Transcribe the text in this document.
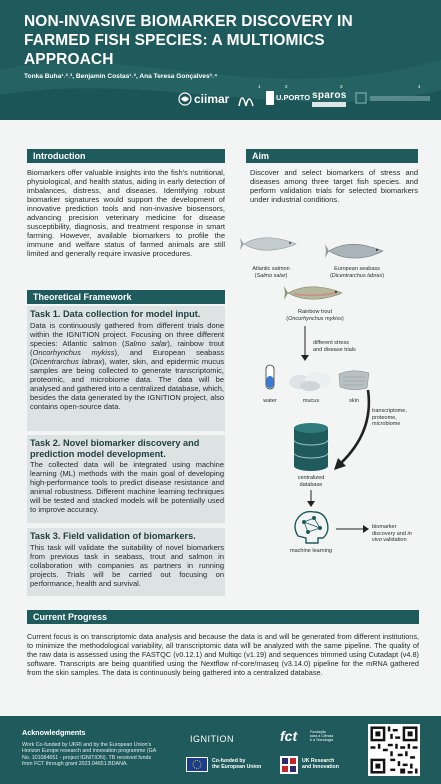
NON-INVASIVE BIOMARKER DISCOVERY IN
FARMED FISH SPECIES: A MULTIOMICS
APPROACH
Tonka Buha¹˒²˒³, Benjamin Costas¹˒², Ana Teresa Gonçalves³˒⁴
ciimar
1
U.PORTO
2
sparos
3	4
Introduction
Biomarkers offer valuable insights into the fish's nutritional, physiological, and health status, aiding in early detection of imbalances, distress, and diseases. Identifying robust biomarker signatures would support the development of innovative prediction tools and non-invasive biosensors, advancing precision veterinary medicine for disease susceptibility, diagnosis, and treatment response in smart farming. However, available biomarkers to profile the immune and welfare status of farmed animals are still limited and generally require invasive procedures.
Aim
Discover and select biomarkers of stress and diseases among three target fish species. and perform validation trials for selected biomarkers under industrial conditions.
Theoretical Framework
Task 1. Data collection for model input.
Data is continuously gathered from different trials done within the IGNITION project. Focusing on three different species: Atlantic salmon (Salmo salar), rainbow trout (Oncorhynchus mykiss), and European seabass (Dicentrarchus labrax), water, skin, and epidermic mucus samples are being collected to generate transcriptomic, proteomic, and microbiome data. The data will be analysed and gathered into a centralized database, which, besides the data generated by the IGNITION project, also contains open-source data.
Task 2. Novel biomarker discovery and
prediction model development.
The collected data will be integrated using machine learning (ML) methods with the main goal of developing high-performance tools to predict disease resistance and animal robustness. Different machine learning techniques will be tested and stacked models will be potentially used to improve accuracy.
Task 3. Field validation of biomarkers.
This task will validate the suitability of novel biomarkers from previous task in seabass, trout and salmon in collaboration with companies as partners in running projects. Trials will be carried out focusing on performance, health and survival.
Atlantic salmon
(Salmo salar)
European seabass
(Dicentrarchus labrax)
Rainbow trout
(Oncorhynchus mykiss)
different stress
and disease trials
water	mucus	skin
transcriptome,
proteome,
microbiome
centralized
database
machine learning
biomarker
discovery and in
vivo validation
Current Progress
Current focus is on transcriptomic data analysis and because the data is and will be generated from different institutions, to minimize the methodological variability, all transcriptomic data will be analyzed with the same pipeline. The quality of the raw data is assessed using the FASTQC (v0.12.1) and Multiqc (v1.19) and sequences trimmed using Cutadapt (v4.8) software. Transcripts are being quantified using the Nextflow nf-core/rnaseq (v3.14.0) pipeline for the mRNA gathered from the skin samples. The data is continuously being gathered into a centralized database.
Acknowledgments
Work Co-funded by UKRI and by the European Union's Horizon Europe research and innovation programme (GA No. 101084651 - project IGNITION). TB received funds from FCT through grant 2023.04651.BDANA.
IGNITION	fct	Fundação
para a Ciência
e a Tecnologia
Co-funded by
the European Union
UK Research
and Innovation
